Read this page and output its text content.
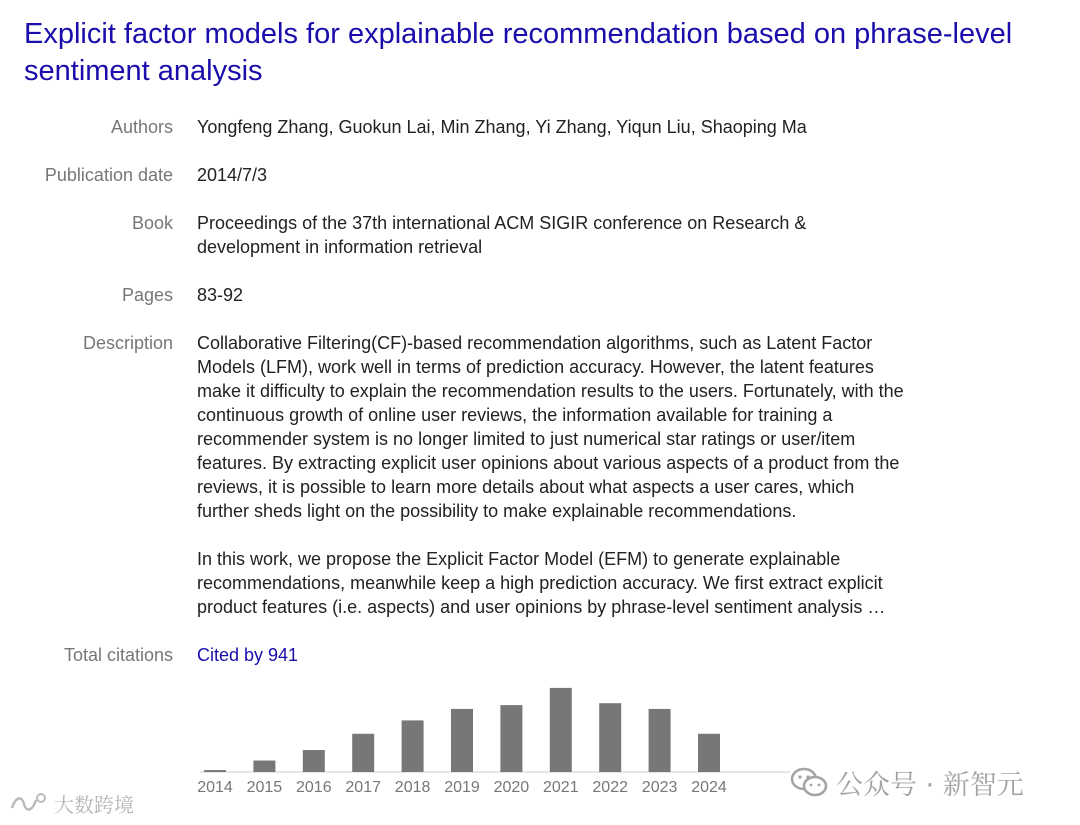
Explicit factor models for explainable recommendation based on phrase-level sentiment analysis
Authors Yongfeng Zhang, Guokun Lai, Min Zhang, Yi Zhang, Yiqun Liu, Shaoping Ma
Publication date 2014/7/3
Book Proceedings of the 37th international ACM SIGIR conference on Research &
development in information retrieval
Pages 83-92
Description Collaborative Filtering(CF)-based recommendation algorithms, such as Latent Factor
Models (LFM), work well in terms of prediction accuracy. However, the latent features
make it difficulty to explain the recommendation results to the users. Fortunately, with the
continuous growth of online user reviews, the information available for training a
recommender system is no longer limited to just numerical star ratings or user/item
features. By extracting explicit user opinions about various aspects of a product from the
reviews, it is possible to learn more details about what aspects a user cares, which
further sheds light on the possibility to make explainable recommendations.
In this work, we propose the Explicit Factor Model (EFM) to generate explainable
recommendations, meanwhile keep a high prediction accuracy. We first extract explicit
product features (i.e. aspects) and user opinions by phrase-level sentiment analysis …
Total citations Cited by 941
2014 2015 2016 2017 2018 2019 2020 2021 2022 2023 2024	公众号 · 新智元
大数跨境
